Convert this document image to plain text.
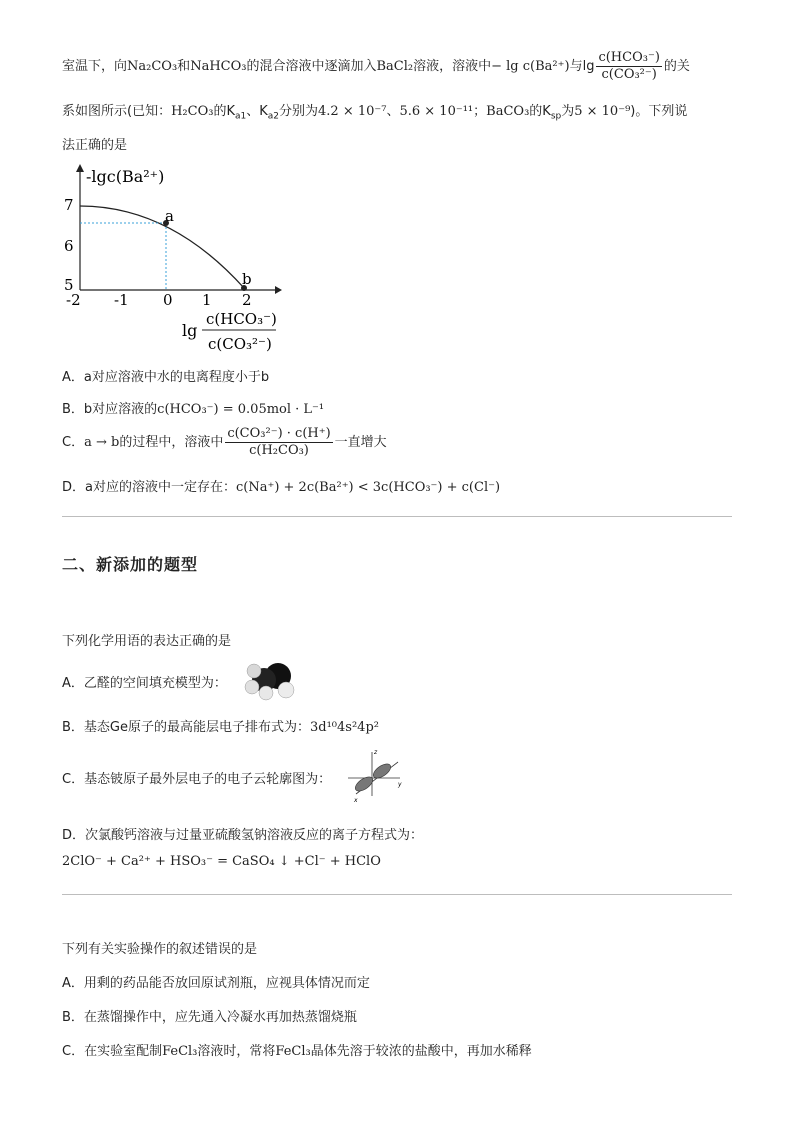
室温下，向Na₂CO₃和NaHCO₃的混合溶液中逐滴加入BaCl₂溶液，溶液中− lg c(Ba²⁺)与$\lg \frac{\text{c(HCO₃⁻)}}{\text{c(CO₃²⁻)}}$ 的关
系如图所示(已知：H₂CO₃的$K_{a1}$、$K_{a2}$分别为4.2 × 10⁻⁷、5.6 × 10⁻¹¹；BaCO₃的$K_{sp}$为5 × 10⁻⁹)。下列说
法正确的是
7
6
5
-2 -1 0 1 2
-lgc(Ba²⁺)
a
b
lg
c(HCO₃⁻)
c(CO₃²⁻)
A．a对应溶液中水的电离程度小于b
B．b对应溶液的c(HCO₃⁻) = 0.05mol · L⁻¹
C．a → b的过程中，溶液中 $\frac{\text{c(CO₃²⁻) · c(H⁺)}}{\text{c(H₂CO₃)}}$ 一直增大
D．a对应的溶液中一定存在：c(Na⁺) + 2c(Ba²⁺) < 3c(HCO₃⁻) + c(Cl⁻)
二、新添加的题型
下列化学用语的表达正确的是
A．乙醛的空间填充模型为：
B．基态Ge原子的最高能层电子排布式为：3d¹⁰4s²4p²
C．基态铍原子最外层电子的电子云轮廓图为：
z
y
x
D．次氯酸钙溶液与过量亚硫酸氢钠溶液反应的离子方程式为：
2ClO⁻ + Ca²⁺ + HSO₃⁻ = CaSO₄ ↓ +Cl⁻ + HClO
下列有关实验操作的叙述错误的是
A．用剩的药品能否放回原试剂瓶，应视具体情况而定
B．在蒸馏操作中，应先通入冷凝水再加热蒸馏烧瓶
C．在实验室配制FeCl₃溶液时，常将FeCl₃晶体先溶于较浓的盐酸中，再加水稀释
